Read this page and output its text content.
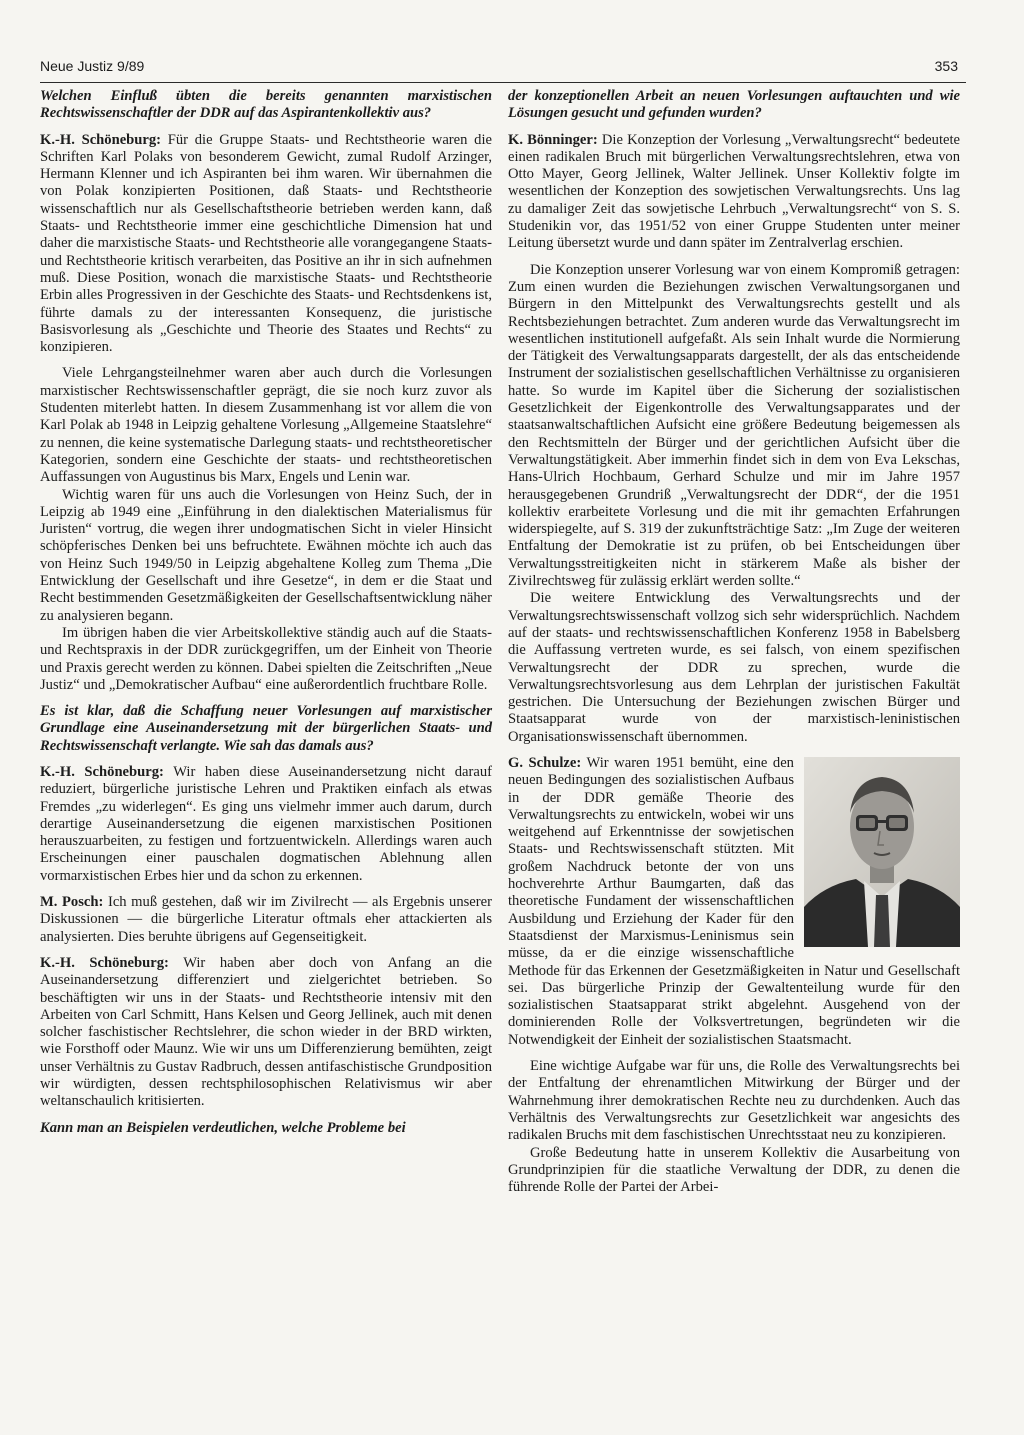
Neue Justiz 9/89	353

Welchen Einfluß übten die bereits genannten marxistischen Rechtswissenschaftler der DDR auf das Aspirantenkollektiv aus?

K.-H. Schöneburg: Für die Gruppe Staats- und Rechtstheorie waren die Schriften Karl Polaks von besonderem Gewicht, zumal Rudolf Arzinger, Hermann Klenner und ich Aspiranten bei ihm waren. Wir übernahmen die von Polak konzipierten Positionen, daß Staats- und Rechtstheorie wissenschaftlich nur als Gesellschaftstheorie betrieben werden kann, daß Staats- und Rechtstheorie immer eine geschichtliche Dimension hat und daher die marxistische Staats- und Rechtstheorie alle vorangegangene Staats- und Rechtstheorie kritisch verarbeiten, das Positive an ihr in sich aufnehmen muß. Diese Position, wonach die marxistische Staats- und Rechtstheorie Erbin alles Progressiven in der Geschichte des Staats- und Rechtsdenkens ist, führte damals zu der interessanten Konsequenz, die juristische Basisvorlesung als „Geschichte und Theorie des Staates und Rechts“ zu konzipieren.

Viele Lehrgangsteilnehmer waren aber auch durch die Vorlesungen marxistischer Rechtswissenschaftler geprägt, die sie noch kurz zuvor als Studenten miterlebt hatten. In diesem Zusammenhang ist vor allem die von Karl Polak ab 1948 in Leipzig gehaltene Vorlesung „Allgemeine Staatslehre“ zu nennen, die keine systematische Darlegung staats- und rechtstheoretischer Kategorien, sondern eine Geschichte der staats- und rechtstheoretischen Auffassungen von Augustinus bis Marx, Engels und Lenin war.

Wichtig waren für uns auch die Vorlesungen von Heinz Such, der in Leipzig ab 1949 eine „Einführung in den dialektischen Materialismus für Juristen“ vortrug, die wegen ihrer undogmatischen Sicht in vieler Hinsicht schöpferisches Denken bei uns befruchtete. Ewähnen möchte ich auch das von Heinz Such 1949/50 in Leipzig abgehaltene Kolleg zum Thema „Die Entwicklung der Gesellschaft und ihre Gesetze“, in dem er die Staat und Recht bestimmenden Gesetzmäßigkeiten der Gesellschaftsentwicklung näher zu analysieren begann.

Im übrigen haben die vier Arbeitskollektive ständig auch auf die Staats- und Rechtspraxis in der DDR zurückgegriffen, um der Einheit von Theorie und Praxis gerecht werden zu können. Dabei spielten die Zeitschriften „Neue Justiz“ und „Demokratischer Aufbau“ eine außerordentlich fruchtbare Rolle.

Es ist klar, daß die Schaffung neuer Vorlesungen auf marxistischer Grundlage eine Auseinandersetzung mit der bürgerlichen Staats- und Rechtswissenschaft verlangte. Wie sah das damals aus?

K.-H. Schöneburg: Wir haben diese Auseinandersetzung nicht darauf reduziert, bürgerliche juristische Lehren und Praktiken einfach als etwas Fremdes „zu widerlegen“. Es ging uns vielmehr immer auch darum, durch derartige Auseinandersetzung die eigenen marxistischen Positionen herauszuarbeiten, zu festigen und fortzuentwickeln. Allerdings waren auch Erscheinungen einer pauschalen dogmatischen Ablehnung allen vormarxistischen Erbes hier und da schon zu erkennen.

M. Posch: Ich muß gestehen, daß wir im Zivilrecht — als Ergebnis unserer Diskussionen — die bürgerliche Literatur oftmals eher attackierten als analysierten. Dies beruhte übrigens auf Gegenseitigkeit.

K.-H. Schöneburg: Wir haben aber doch von Anfang an die Auseinandersetzung differenziert und zielgerichtet betrieben. So beschäftigten wir uns in der Staats- und Rechtstheorie intensiv mit den Arbeiten von Carl Schmitt, Hans Kelsen und Georg Jellinek, auch mit denen solcher faschistischer Rechtslehrer, die schon wieder in der BRD wirkten, wie Forsthoff oder Maunz. Wie wir uns um Differenzierung bemühten, zeigt unser Verhältnis zu Gustav Radbruch, dessen antifaschistische Grundposition wir würdigten, dessen rechtsphilosophischen Relativismus wir aber weltanschaulich kritisierten.

Kann man an Beispielen verdeutlichen, welche Probleme bei

der konzeptionellen Arbeit an neuen Vorlesungen auftauchten und wie Lösungen gesucht und gefunden wurden?

K. Bönninger: Die Konzeption der Vorlesung „Verwaltungsrecht“ bedeutete einen radikalen Bruch mit bürgerlichen Verwaltungsrechtslehren, etwa von Otto Mayer, Georg Jellinek, Walter Jellinek. Unser Kollektiv folgte im wesentlichen der Konzeption des sowjetischen Verwaltungsrechts. Uns lag zu damaliger Zeit das sowjetische Lehrbuch „Verwaltungsrecht“ von S. S. Studenikin vor, das 1951/52 von einer Gruppe Studenten unter meiner Leitung übersetzt wurde und dann später im Zentralverlag erschien.

Die Konzeption unserer Vorlesung war von einem Kompromiß getragen: Zum einen wurden die Beziehungen zwischen Verwaltungsorganen und Bürgern in den Mittelpunkt des Verwaltungsrechts gestellt und als Rechtsbeziehungen betrachtet. Zum anderen wurde das Verwaltungsrecht im wesentlichen institutionell aufgefaßt. Als sein Inhalt wurde die Normierung der Tätigkeit des Verwaltungsapparats dargestellt, der als das entscheidende Instrument der sozialistischen gesellschaftlichen Verhältnisse zu organisieren hatte. So wurde im Kapitel über die Sicherung der sozialistischen Gesetzlichkeit der Eigenkontrolle des Verwaltungsapparates und der staatsanwaltschaftlichen Aufsicht eine größere Bedeutung beigemessen als den Rechtsmitteln der Bürger und der gerichtlichen Aufsicht über die Verwaltungstätigkeit. Aber immerhin findet sich in dem von Eva Lekschas, Hans-Ulrich Hochbaum, Gerhard Schulze und mir im Jahre 1957 herausgegebenen Grundriß „Verwaltungsrecht der DDR“, der die 1951 kollektiv erarbeitete Vorlesung und die mit ihr gemachten Erfahrungen widerspiegelte, auf S. 319 der zukunftsträchtige Satz: „Im Zuge der weiteren Entfaltung der Demokratie ist zu prüfen, ob bei Entscheidungen über Verwaltungsstreitigkeiten nicht in stärkerem Maße als bisher der Zivilrechtsweg für zulässig erklärt werden sollte.“

Die weitere Entwicklung des Verwaltungsrechts und der Verwaltungsrechtswissenschaft vollzog sich sehr widersprüchlich. Nachdem auf der staats- und rechtswissenschaftlichen Konferenz 1958 in Babelsberg die Auffassung vertreten wurde, es sei falsch, von einem spezifischen Verwaltungsrecht der DDR zu sprechen, wurde die Verwaltungsrechtsvorlesung aus dem Lehrplan der juristischen Fakultät gestrichen. Die Untersuchung der Beziehungen zwischen Bürger und Staatsapparat wurde von der marxistisch-leninistischen Organisationswissenschaft übernommen.

G. Schulze: Wir waren 1951 bemüht, eine den neuen Bedingungen des sozialistischen Aufbaus in der DDR gemäße Theorie des Verwaltungsrechts zu entwickeln, wobei wir uns weitgehend auf Erkenntnisse der sowjetischen Staats- und Rechtswissenschaft stützten. Mit großem Nachdruck betonte der von uns hochverehrte Arthur Baumgarten, daß das theoretische Fundament der wissenschaftlichen Ausbildung und Erziehung der Kader für den Staatsdienst der Marxismus-Leninismus sein müsse, da er die einzige wissenschaftliche Methode für das Erkennen der Gesetzmäßigkeiten in Natur und Gesellschaft sei. Das bürgerliche Prinzip der Gewaltenteilung wurde für den sozialistischen Staatsapparat strikt abgelehnt. Ausgehend von der dominierenden Rolle der Volksvertretungen, begründeten wir die Notwendigkeit der Einheit der sozialistischen Staatsmacht.

Eine wichtige Aufgabe war für uns, die Rolle des Verwaltungsrechts bei der Entfaltung der ehrenamtlichen Mitwirkung der Bürger und der Wahrnehmung ihrer demokratischen Rechte neu zu durchdenken. Auch das Verhältnis des Verwaltungsrechts zur Gesetzlichkeit war angesichts des radikalen Bruchs mit dem faschistischen Unrechtsstaat neu zu konzipieren.

Große Bedeutung hatte in unserem Kollektiv die Ausarbeitung von Grundprinzipien für die staatliche Verwaltung der DDR, zu denen die führende Rolle der Partei der Arbei-
